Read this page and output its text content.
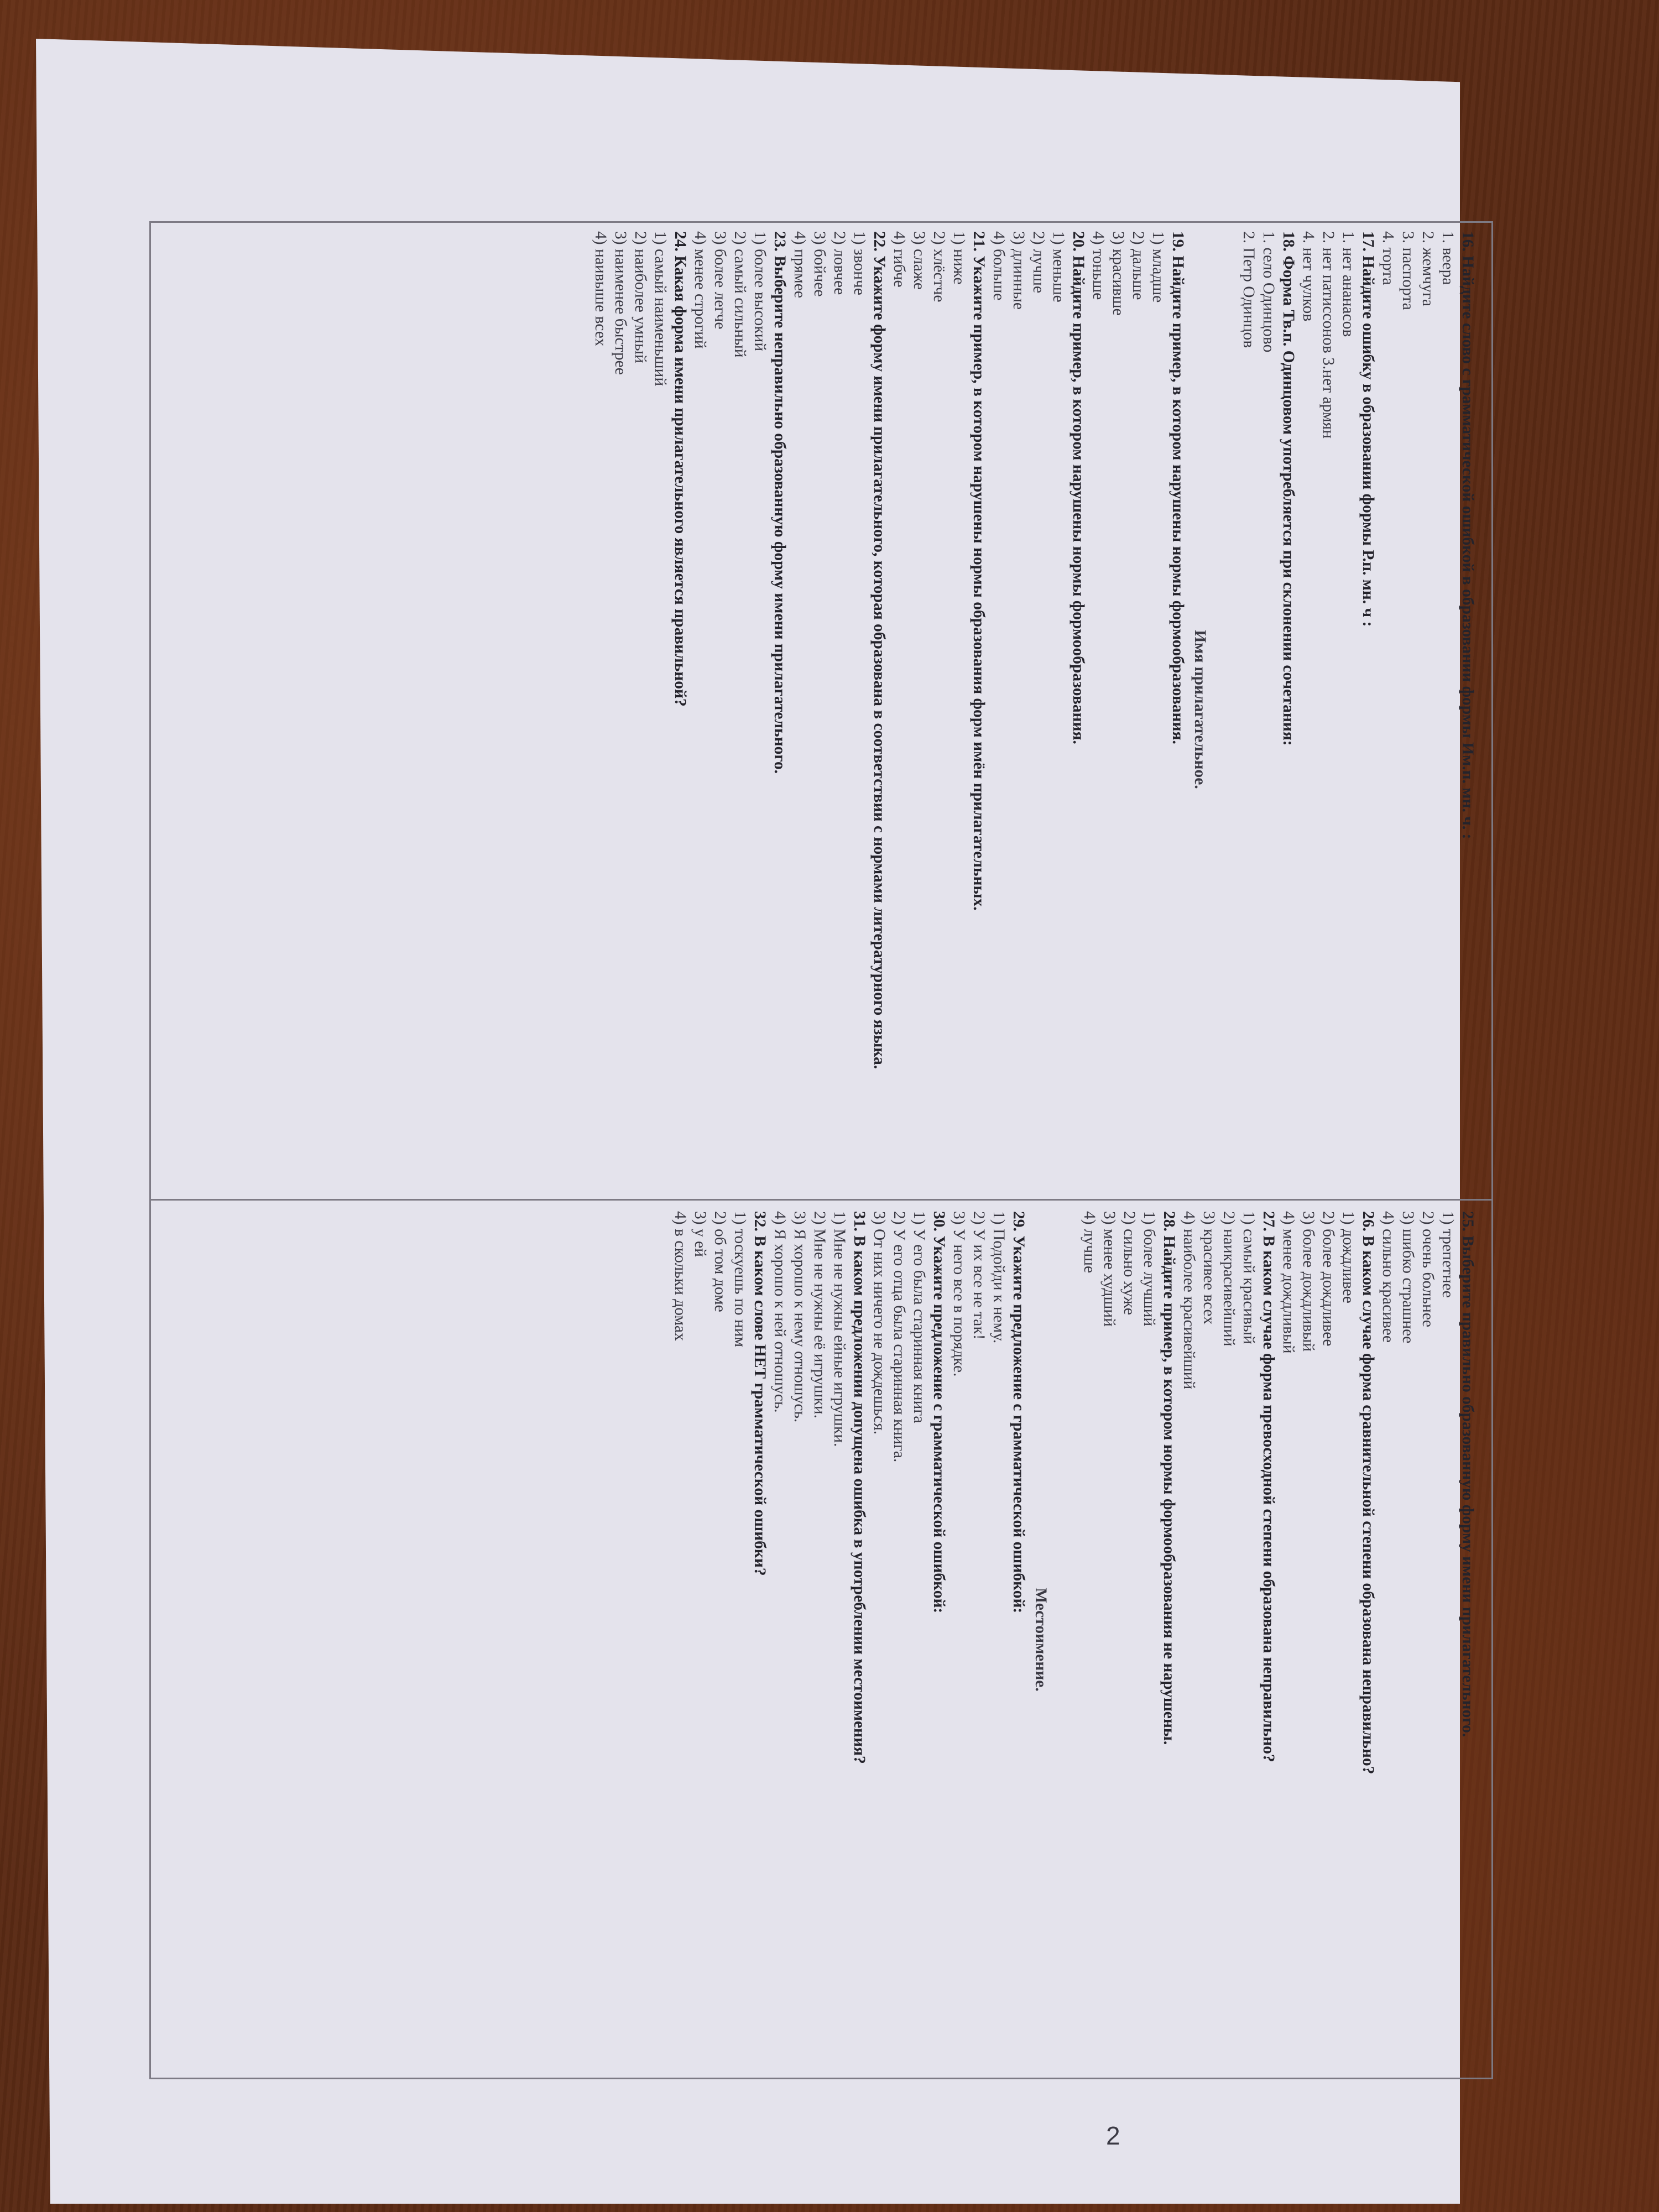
16. Найдите слово с грамматической ошибкой в образовании формы Им.п. мн. ч. :
1. веера
2. жемчуга
3. паспорта
4. торта
17. Найдите ошибку в образовании формы Р.п. мн. ч :
1. нет ананасов
2. нет патиссонов 3.нет армян
4. нет чулков
18. Форма Тв.п. Одинцовом употребляется при склонении сочетания:
1. село Одинцово
2. Петр Одинцов
Имя прилагательное.
19. Найдите пример, в котором нарушены нормы формообразования.
1) младше
2) дальше
3) красивше
4) тоньше
20. Найдите пример, в котором нарушены нормы формообразования.
1) меньше
2) лучше
3) длинные
4) больше
21. Укажите пример, в котором нарушены нормы образования форм имён прилагательных.
1) ниже
2) хлёстче
3) слаже
4) гибче
22. Укажите форму имени прилагательного, которая образована в соответствии с нормами литературного языка.
1) звонче
2) ловчее
3) бойчее
4) прямее
23. Выберите неправильно образованную форму имени прилагательного.
1) более высокий
2) самый сильный
3) более легче
4) менее строгий
24. Какая форма имени прилагательного является правильной?
1) самый наименьший
2) наиболее умный
3) наименее быстрее
4) наивыше всех
25. Выберите правильно образованную форму имени прилагательного.
1) трепетнее
2) очень больнее
3) шибко страшнее
4) сильно красивее
26. В каком случае форма сравнительной степени образована неправильно?
1) дождливее
2) более дождливее
3) более дождливый
4) менее дождливый
27. В каком случае форма превосходной степени образована неправильно?
1) самый красивый
2) наикрасивейший
3) красивее всех
4) наиболее красивейший
28. Найдите пример, в котором нормы формообразования не нарушены.
1) более лучший
2) сильно хуже
3) менее худший
4) лучше
Местоимение.
29. Укажите предложение с грамматической ошибкой:
1) Подойди к нему.
2) У их все не так!
3) У него все в порядке.
30. Укажите предложение с грамматической ошибкой:
1) У его была старинная книга
2) У его отца была старинная книга.
3) От них ничего не дождешься.
31. В каком предложении допущена ошибка в употреблении местоимения?
1) Мне не нужны ейные игрушки.
2) Мне не нужны её игрушки.
3) Я хорошо к нему отношусь.
4) Я хорошо к ней отношусь.
32. В каком слове НЕТ грамматической ошибки?
1) тоскуешь по ним
2) об том доме
3) у ей
4) в скольки домах
2
